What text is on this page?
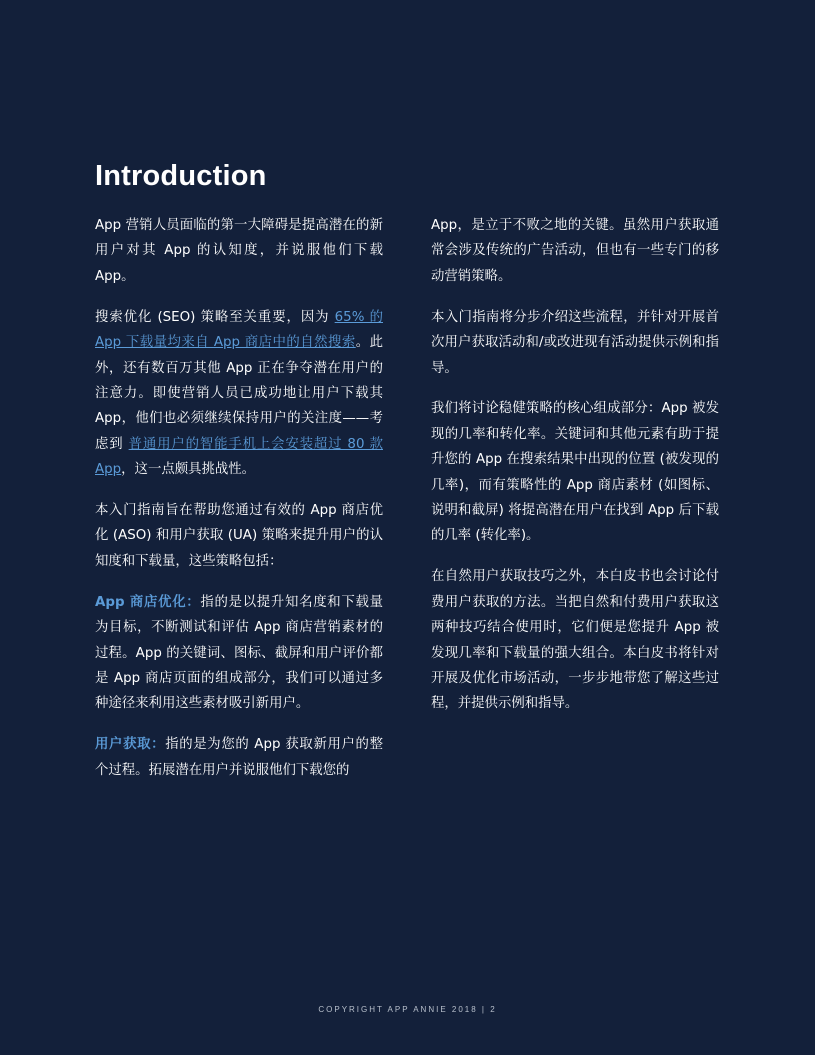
Introduction

App 营销人员面临的第一大障碍是提高潜在的新用户对其 App 的认知度，并说服他们下载 App。

搜索优化 (SEO) 策略至关重要，因为 65% 的 App 下载量均来自 App 商店中的自然搜索。此外，还有数百万其他 App 正在争夺潜在用户的注意力。即使营销人员已成功地让用户下载其 App，他们也必须继续保持用户的关注度——考虑到 普通用户的智能手机上会安装超过 80 款 App，这一点颇具挑战性。

本入门指南旨在帮助您通过有效的 App 商店优化 (ASO) 和用户获取 (UA) 策略来提升用户的认知度和下载量，这些策略包括：

App 商店优化：指的是以提升知名度和下载量为目标，不断测试和评估 App 商店营销素材的过程。App 的关键词、图标、截屏和用户评价都是 App 商店页面的组成部分，我们可以通过多种途径来利用这些素材吸引新用户。

用户获取：指的是为您的 App 获取新用户的整个过程。拓展潜在用户并说服他们下载您的

App，是立于不败之地的关键。虽然用户获取通常会涉及传统的广告活动，但也有一些专门的移动营销策略。

本入门指南将分步介绍这些流程，并针对开展首次用户获取活动和/或改进现有活动提供示例和指导。

我们将讨论稳健策略的核心组成部分：App 被发现的几率和转化率。关键词和其他元素有助于提升您的 App 在搜索结果中出现的位置 (被发现的几率)，而有策略性的 App 商店素材 (如图标、说明和截屏) 将提高潜在用户在找到 App 后下载的几率 (转化率)。

在自然用户获取技巧之外，本白皮书也会讨论付费用户获取的方法。当把自然和付费用户获取这两种技巧结合使用时，它们便是您提升 App 被发现几率和下载量的强大组合。本白皮书将针对开展及优化市场活动，一步步地带您了解这些过程，并提供示例和指导。

COPYRIGHT APP ANNIE 2018 | 2
